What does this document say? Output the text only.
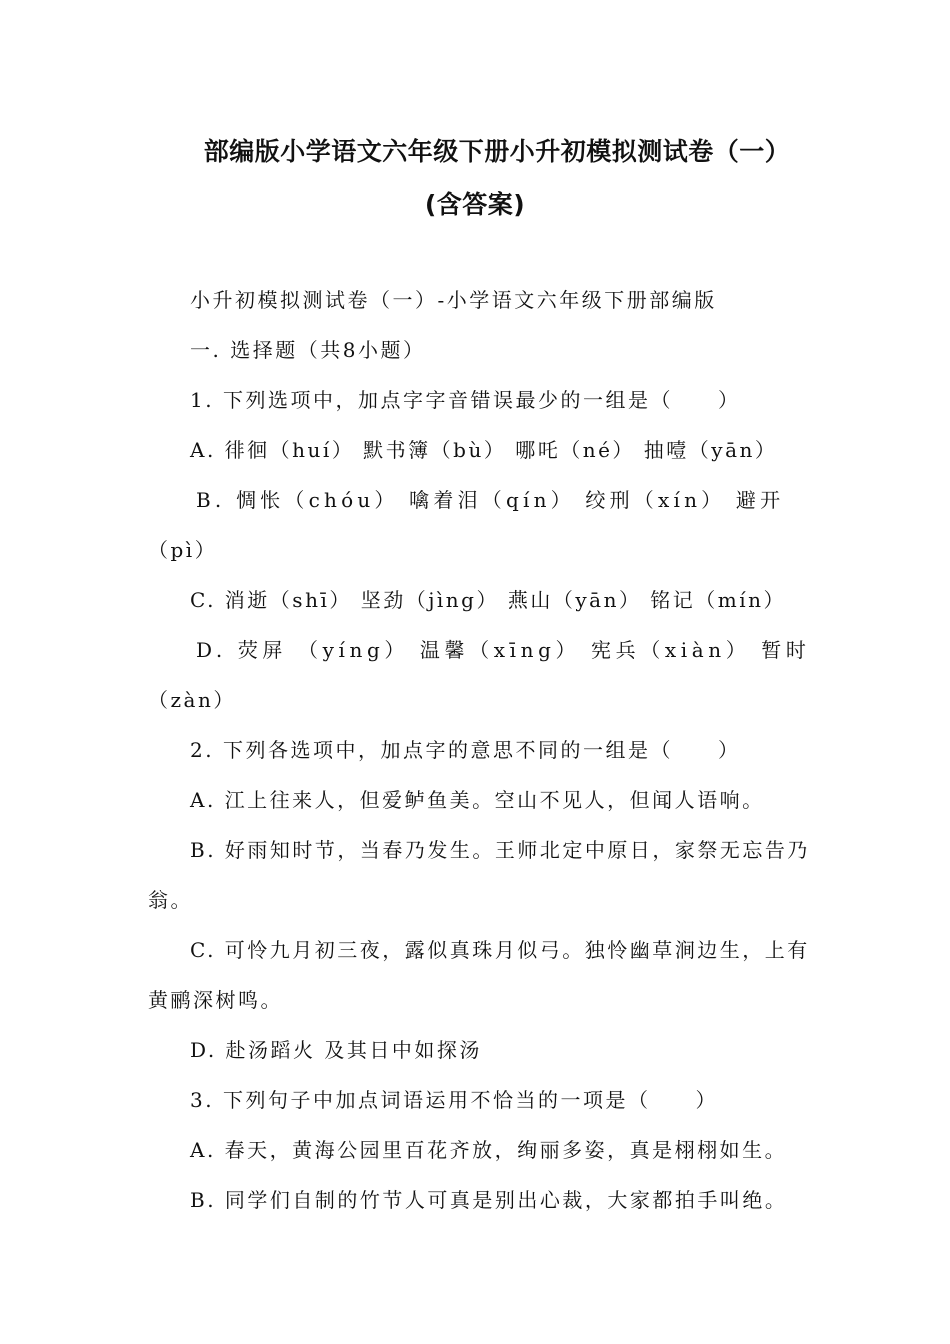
部编版小学语文六年级下册小升初模拟测试卷（一）
(含答案)
小升初模拟测试卷（一）-小学语文六年级下册部编版
一. 选择题（共8小题）
1. 下列选项中，加点字字音错误最少的一组是（　　）
A. 徘徊（huí） 默书簿（bù） 哪吒（né） 抽噎（yān）
B. 惆怅（chóu） 噙着泪（qín） 绞刑（xín） 避开
（pì）
C. 消逝（shī） 坚劲（jìng） 燕山（yān） 铭记（mín）
D. 荧屏 （yíng） 温馨（xīng） 宪兵（xiàn） 暂时
（zàn）
2. 下列各选项中，加点字的意思不同的一组是（　　）
A. 江上往来人，但爱鲈鱼美。空山不见人，但闻人语响。
B. 好雨知时节，当春乃发生。王师北定中原日，家祭无忘告乃
翁。
C. 可怜九月初三夜，露似真珠月似弓。独怜幽草涧边生，上有
黄鹂深树鸣。
D. 赴汤蹈火 及其日中如探汤
3. 下列句子中加点词语运用不恰当的一项是（　　）
A. 春天，黄海公园里百花齐放，绚丽多姿，真是栩栩如生。
B. 同学们自制的竹节人可真是别出心裁，大家都拍手叫绝。
